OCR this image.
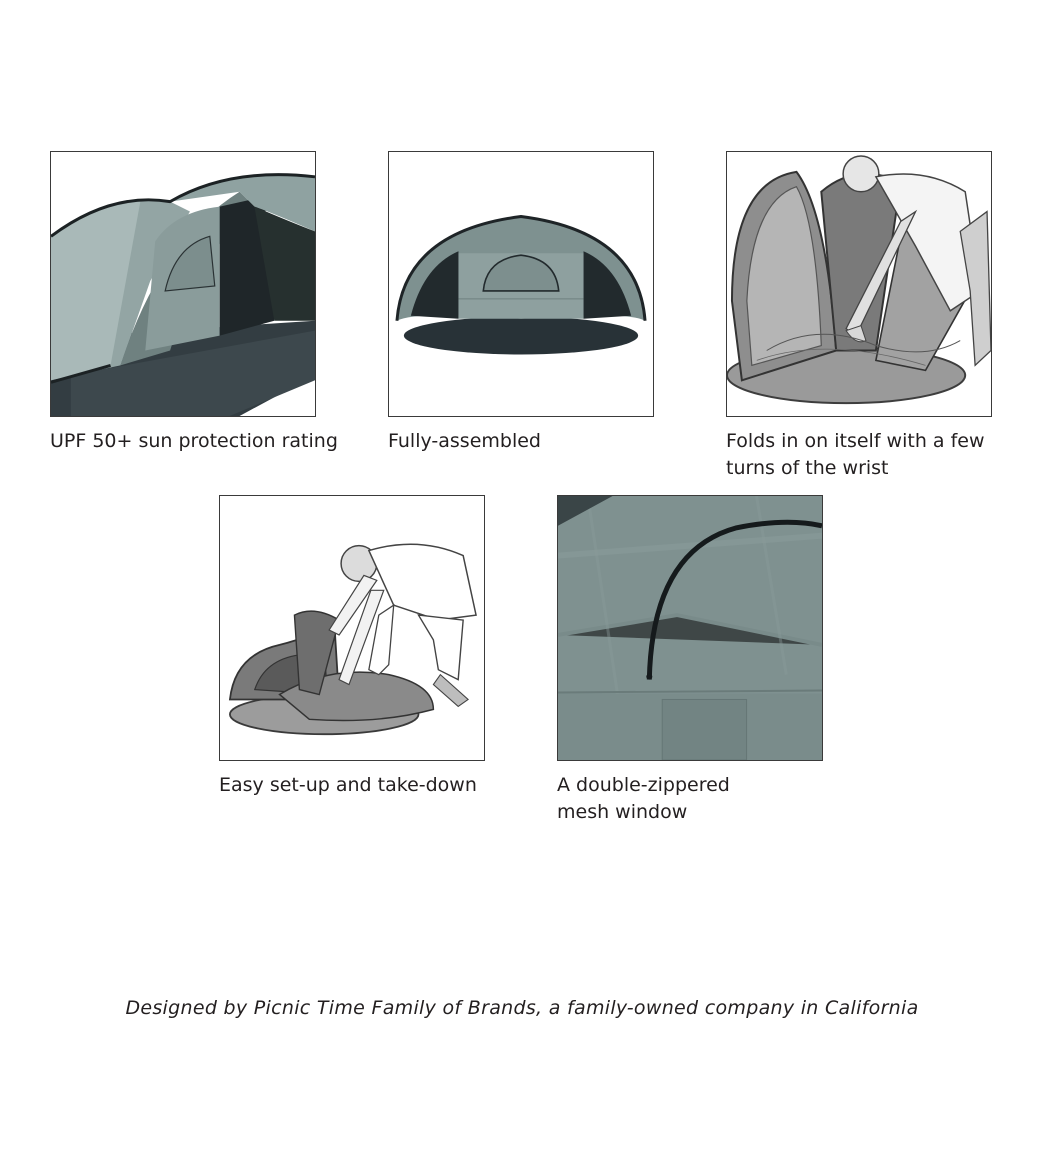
UPF 50+ sun protection rating	Fully-assembled	Folds in on itself with a few
turns of the wrist
Easy set-up and take-down	A double-zippered
mesh window
Designed by Picnic Time Family of Brands, a family-owned company in California
